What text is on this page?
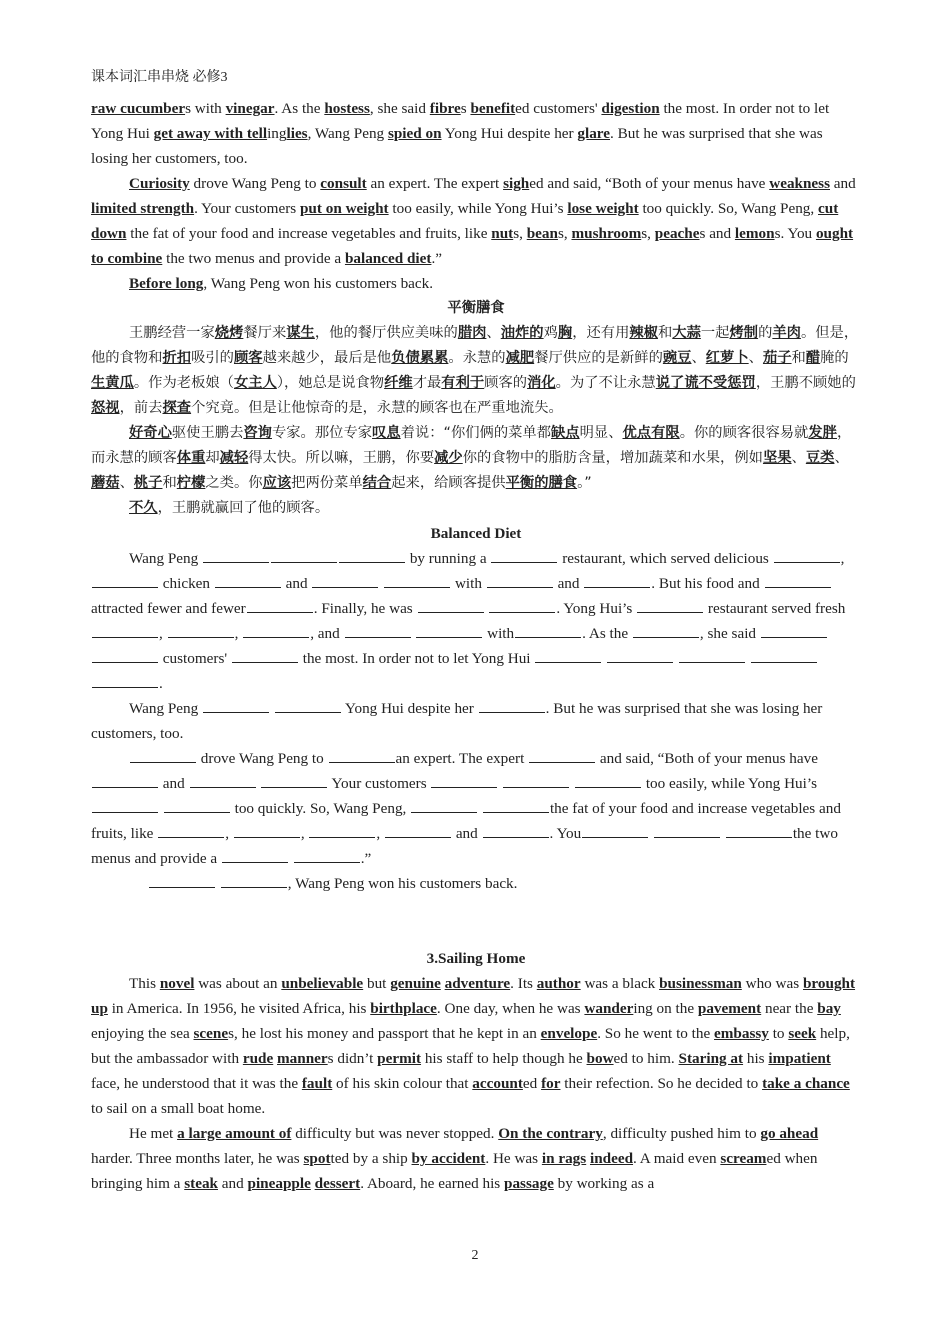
课本词汇串串烧 必修3

raw cucumbers with vinegar. As the hostess, she said fibres benefited customers' digestion the most. In order not to let Yong Hui get away with tellinglies, Wang Peng spied on Yong Hui despite her glare. But he was surprised that she was losing her customers, too.

Curiosity drove Wang Peng to consult an expert. The expert sighed and said, “Both of your menus have weakness and limited strength. Your customers put on weight too easily, while Yong Hui’s lose weight too quickly. So, Wang Peng, cut down the fat of your food and increase vegetables and fruits, like nuts, beans, mushrooms, peaches and lemons. You ought to combine the two menus and provide a balanced diet.”

Before long, Wang Peng won his customers back.

平衡膳食

王鹏经营一家烧烤餐厅来谋生，他的餐厅供应美味的腊肉、油炸的鸡胸，还有用辣椒和大蒜一起烤制的羊肉。但是，他的食物和折扣吸引的顾客越来越少，最后是他负债累累。永慧的减肥餐厅供应的是新鲜的豌豆、红萝卜、茄子和醋腌的生黄瓜。作为老板娘（女主人），她总是说食物纤维才最有利于顾客的消化。为了不让永慧说了谎不受惩罚，王鹏不顾她的怒视，前去探查个究竟。但是让他惊奇的是，永慧的顾客也在严重地流失。

好奇心驱使王鹏去咨询专家。那位专家叹息着说：“你们俩的菜单都缺点明显、优点有限。你的顾客很容易就发胖，而永慧的顾客体重却减轻得太快。所以嘛，王鹏，你要减少你的食物中的脂肪含量，增加蔬菜和水果，例如坚果、豆类、蘑菇、桃子和柠檬之类。你应该把两份菜单结合起来，给顾客提供平衡的膳食。”

不久，王鹏就赢回了他的顾客。

Balanced Diet

Wang Peng	by running a	restaurant, which served delicious	,  chicken	and	with	and	. But his food and  attracted fewer and fewer	. Finally, he was	. Yong Hui’s	restaurant served fresh ,	,	, and	with	. As the	, she said   customers'	the most. In order not to let Yong Hui     .

Wang Peng	Yong Hui despite her	. But he was surprised that she was losing her customers, too.

drove Wang Peng to	an expert. The expert	and said, “Both of your menus have  and	Your customers	too easily, while Yong Hui’s   too quickly. So, Wang Peng,	the fat of your food and increase vegetables and fruits, like	,	,	,	and	. You	the two menus and provide a	.”

, Wang Peng won his customers back.

3.Sailing Home

This novel was about an unbelievable but genuine adventure. Its author was a black businessman who was brought up in America. In 1956, he visited Africa, his birthplace. One day, when he was wandering on the pavement near the bay enjoying the sea scenes, he lost his money and passport that he kept in an envelope. So he went to the embassy to seek help, but the ambassador with rude manners didn’t permit his staff to help though he bowed to him. Staring at his impatient face, he understood that it was the fault of his skin colour that accounted for their refection. So he decided to take a chance to sail on a small boat home.

He met a large amount of difficulty but was never stopped. On the contrary, difficulty pushed him to go ahead harder. Three months later, he was spotted by a ship by accident. He was in rags indeed. A maid even screamed when bringing him a steak and pineapple dessert. Aboard, he earned his passage by working as a

2
